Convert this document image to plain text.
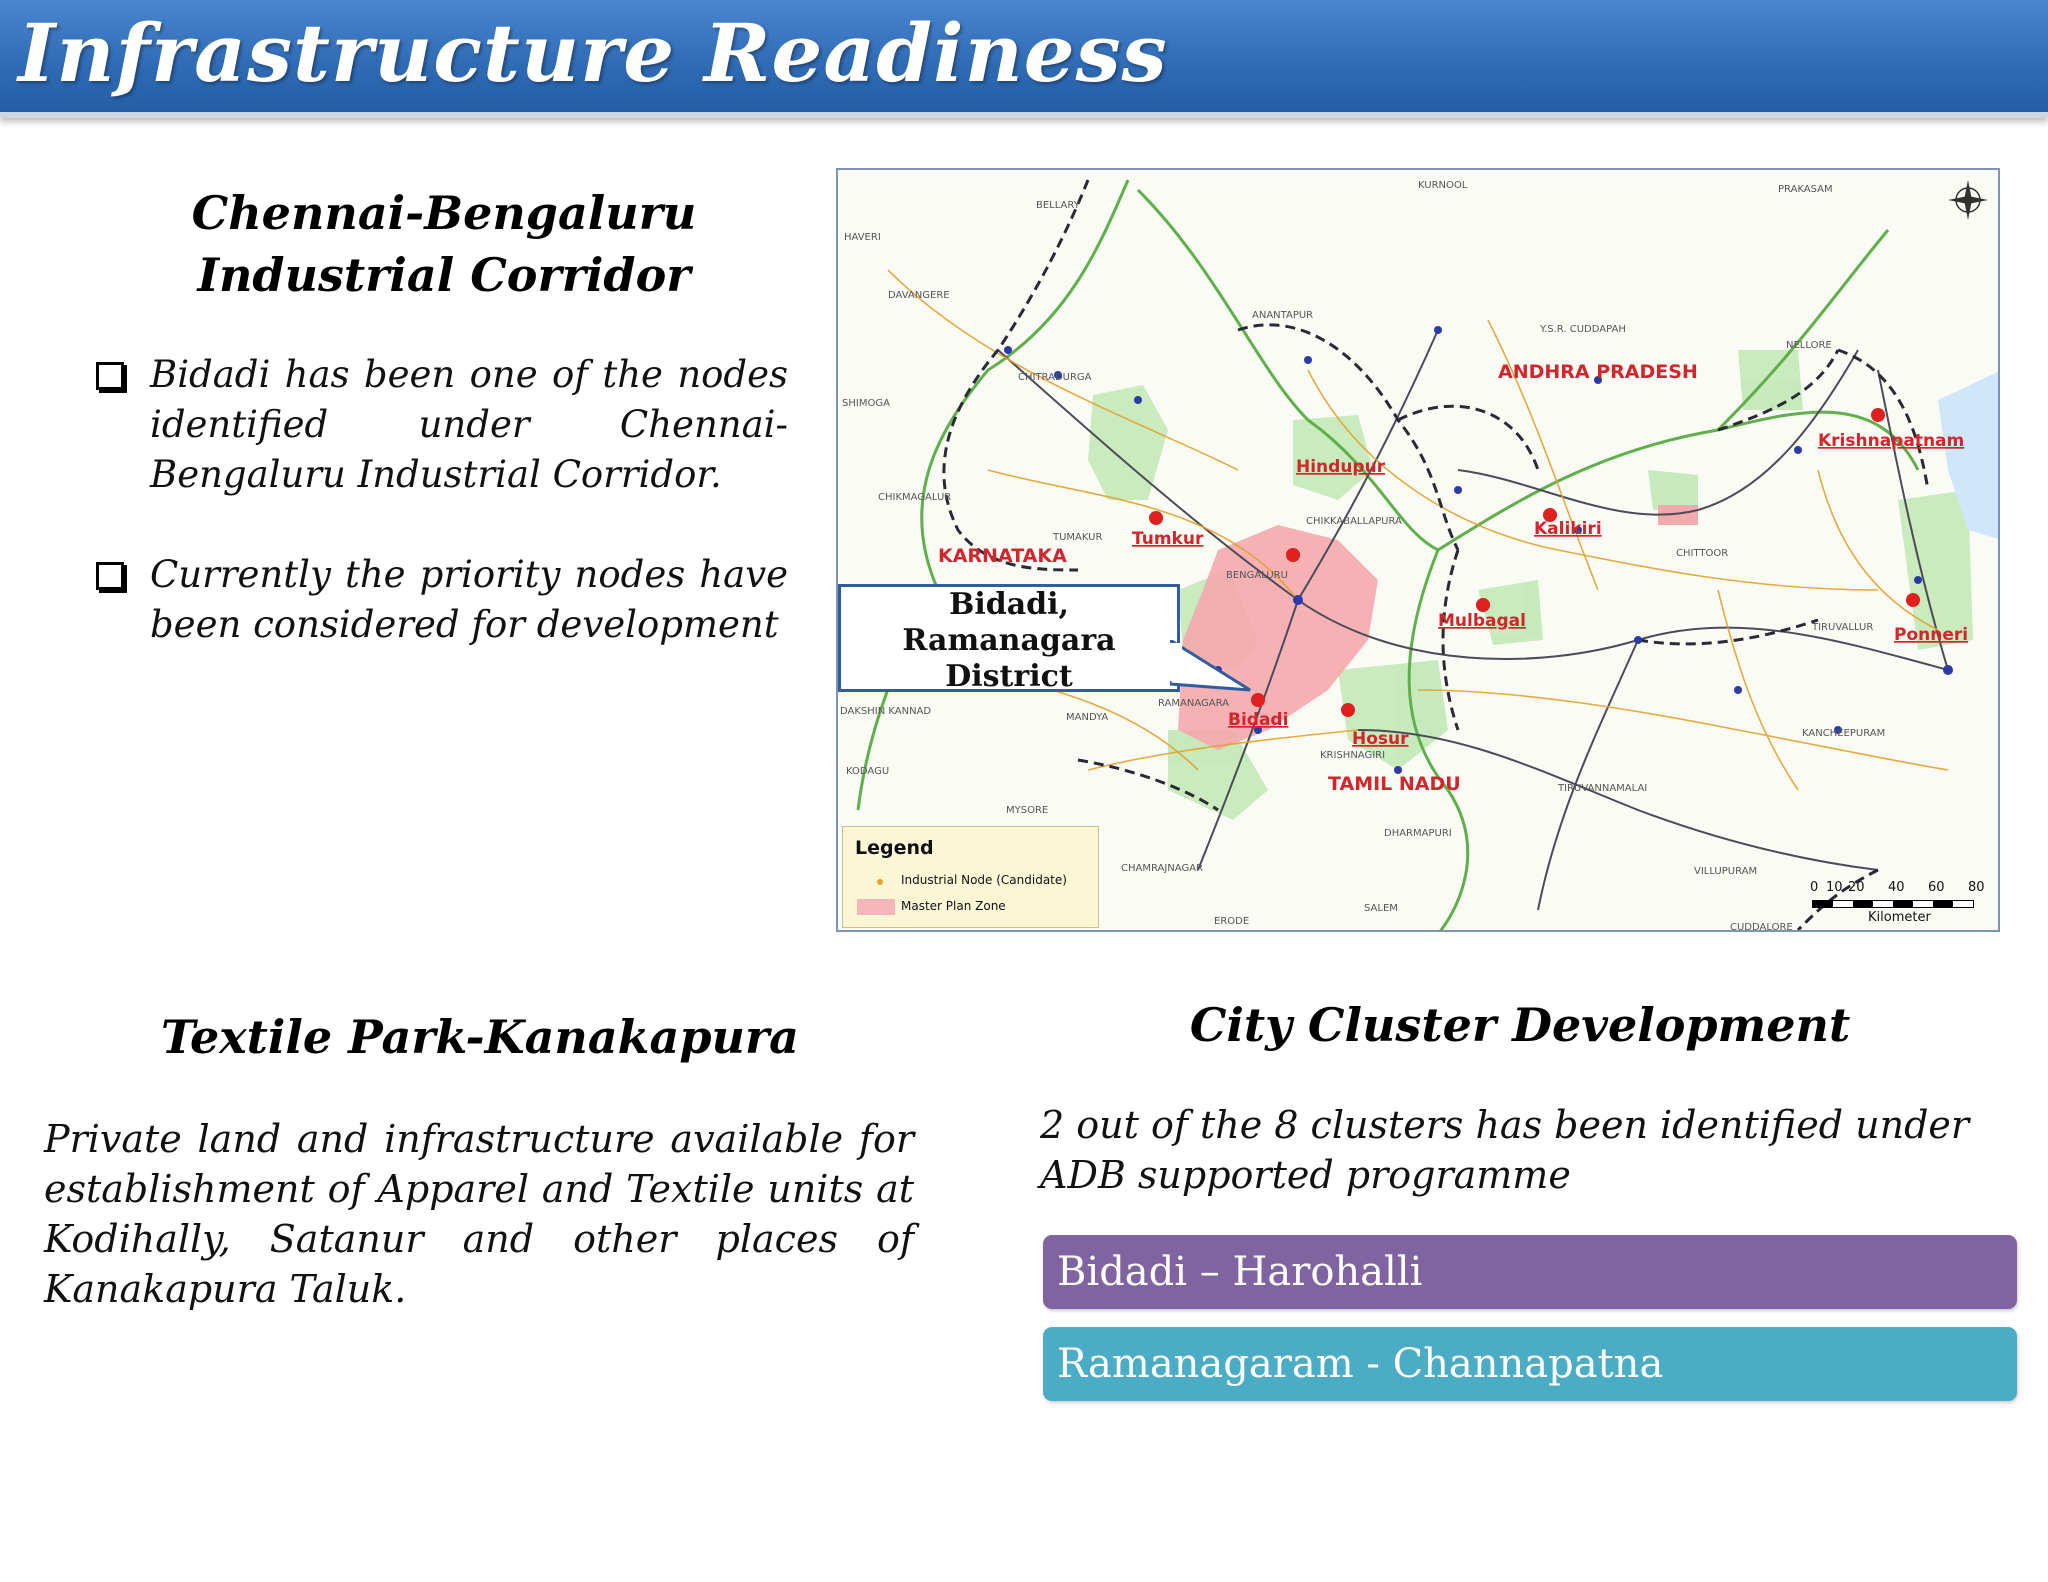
Infrastructure Readiness
Chennai-Bengaluru
Industrial Corridor
Bidadi has been one of the nodes identified under Chennai-Bengaluru Industrial Corridor.
Currently the priority nodes have been considered for development
BELLARY
HAVERI
DAVANGERE
SHIMOGA
CHITRADURGA
CHIKMAGALUR
TUMAKUR
DAKSHIN KANNAD
MANDYA
KODAGU
MYSORE
CHAMRAJNAGAR
ERODE
SALEM
DHARMAPURI
KRISHNAGIRI
TIRUVANNAMALAI
VILLUPURAM
KANCHEEPURAM
TIRUVALLUR
CHITTOOR
NELLORE
PRAKASAM
KURNOOL
ANANTAPUR
Y.S.R. CUDDAPAH
CHIKKABALLAPURA
BENGALURU
RAMANAGARA
CUDDALORE
ANDHRA PRADESH
KARNATAKA
TAMIL NADU
Hindupur
Tumkur	Kalikiri
Krishnapatnam
Mulbagal
Ponneri
Bidadi
Hosur
Bidadi,
Ramanagara
District
Legend
Industrial Node (Candidate)
Master Plan Zone
0 10 20 40 60 80
Kilometer
Textile Park-Kanakapura

Private land and infrastructure available for establishment of Apparel and Textile units at Kodihally, Satanur and other places of Kanakapura Taluk.

City Cluster Development

2 out of the 8 clusters has been identified under ADB supported programme

Bidadi – Harohalli
Ramanagaram - Channapatna
